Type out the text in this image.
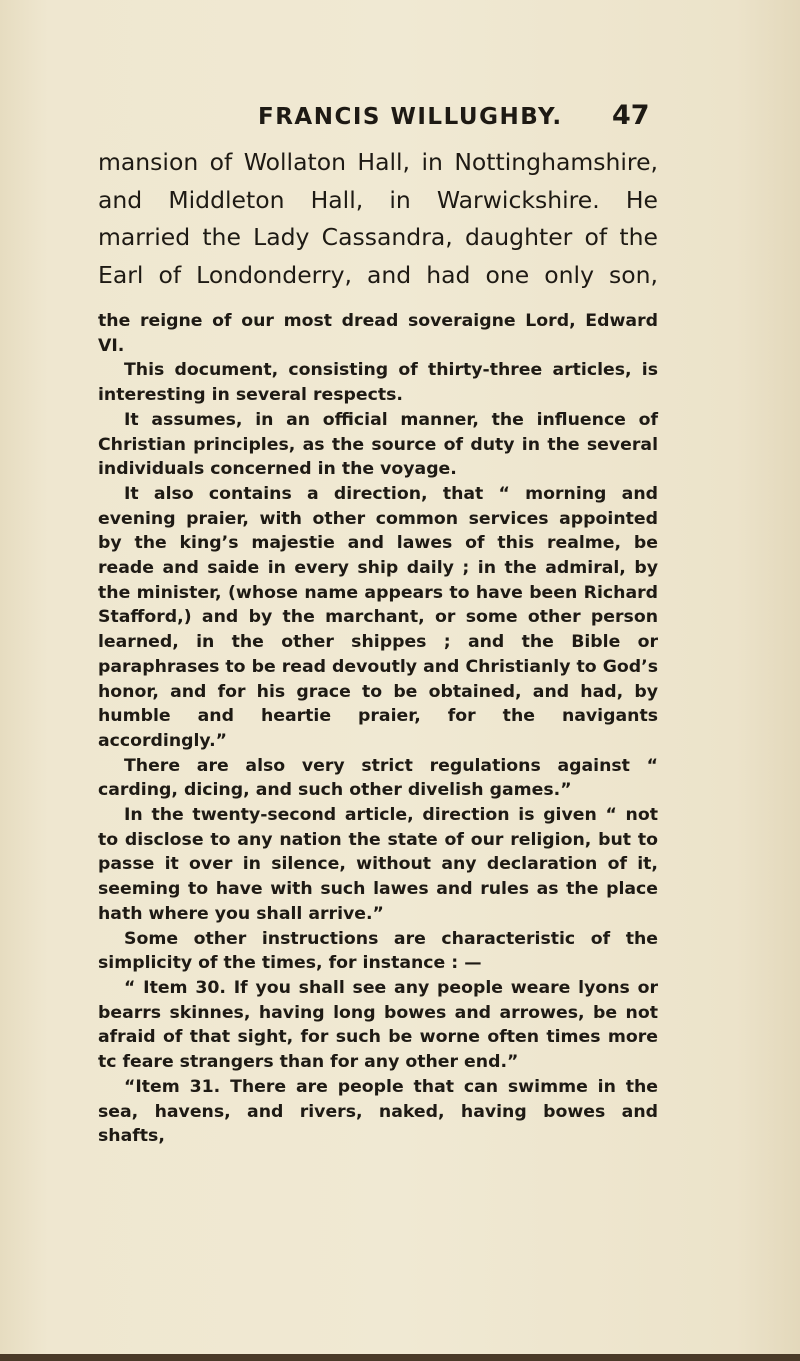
FRANCIS WILLUGHBY.	47
mansion of Wollaton Hall, in Nottinghamshire,
and Middleton Hall, in Warwickshire. He
married the Lady Cassandra, daughter of the
Earl of Londonderry, and had one only son,

the reigne of our most dread soveraigne Lord, Edward VI.

This document, consisting of thirty-three articles, is interesting in several respects.

It assumes, in an official manner, the influence of Christian principles, as the source of duty in the several individuals concerned in the voyage.

It also contains a direction, that “ morning and evening praier, with other common services appointed by the king’s majestie and lawes of this realme, be reade and saide in every ship daily ; in the admiral, by the minister, (whose name appears to have been Richard Stafford,) and by the marchant, or some other person learned, in the other shippes ; and the Bible or paraphrases to be read devoutly and Christianly to God’s honor, and for his grace to be obtained, and had, by humble and heartie praier, for the navigants accordingly.”

There are also very strict regulations against “ carding, dicing, and such other divelish games.”

In the twenty-second article, direction is given “ not to disclose to any nation the state of our religion, but to passe it over in silence, without any declaration of it, seeming to have with such lawes and rules as the place hath where you shall arrive.”

Some other instructions are characteristic of the simplicity of the times, for instance : —

“ Item 30. If you shall see any people weare lyons or bearrs skinnes, having long bowes and arrowes, be not afraid of that sight, for such be worne often times more tc feare strangers than for any other end.”

“Item 31. There are people that can swimme in the sea, havens, and rivers, naked, having bowes and shafts,
